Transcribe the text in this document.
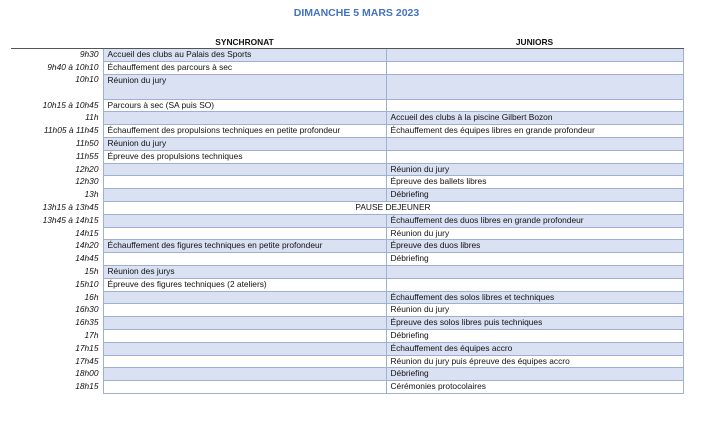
DIMANCHE 5 MARS 2023
	SYNCHRONAT	JUNIORS
9h30	Accueil des clubs au Palais des Sports	
9h40 à 10h10	Échauffement des parcours à sec	
10h10	Réunion du jury	
10h15 à 10h45	Parcours à sec (SA puis SO)	
11h		Accueil des clubs à la piscine Gilbert Bozon
11h05 à 11h45	Échauffement des propulsions techniques en petite profondeur	Échauffement des équipes libres en grande profondeur
11h50	Réunion du jury	
11h55	Épreuve des propulsions techniques	
12h20		Réunion du jury
12h30		Épreuve des ballets libres
13h		Débriefing
13h15 à 13h45	PAUSE DEJEUNER	
13h45 à 14h15		Échauffement des duos libres en grande profondeur
14h15		Réunion du jury
14h20	Échauffement des figures techniques en petite profondeur	Épreuve des duos libres
14h45		Débriefing
15h	Réunion des jurys	
15h10	Épreuve des figures techniques (2 ateliers)	
16h		Échauffement des solos libres et techniques
16h30		Réunion du jury
16h35		Épreuve des solos libres puis techniques
17h		Débriefing
17h15		Échauffement des équipes accro
17h45		Réunion du jury puis épreuve des équipes accro
18h00		Débriefing
18h15		Cérémonies protocolaires
